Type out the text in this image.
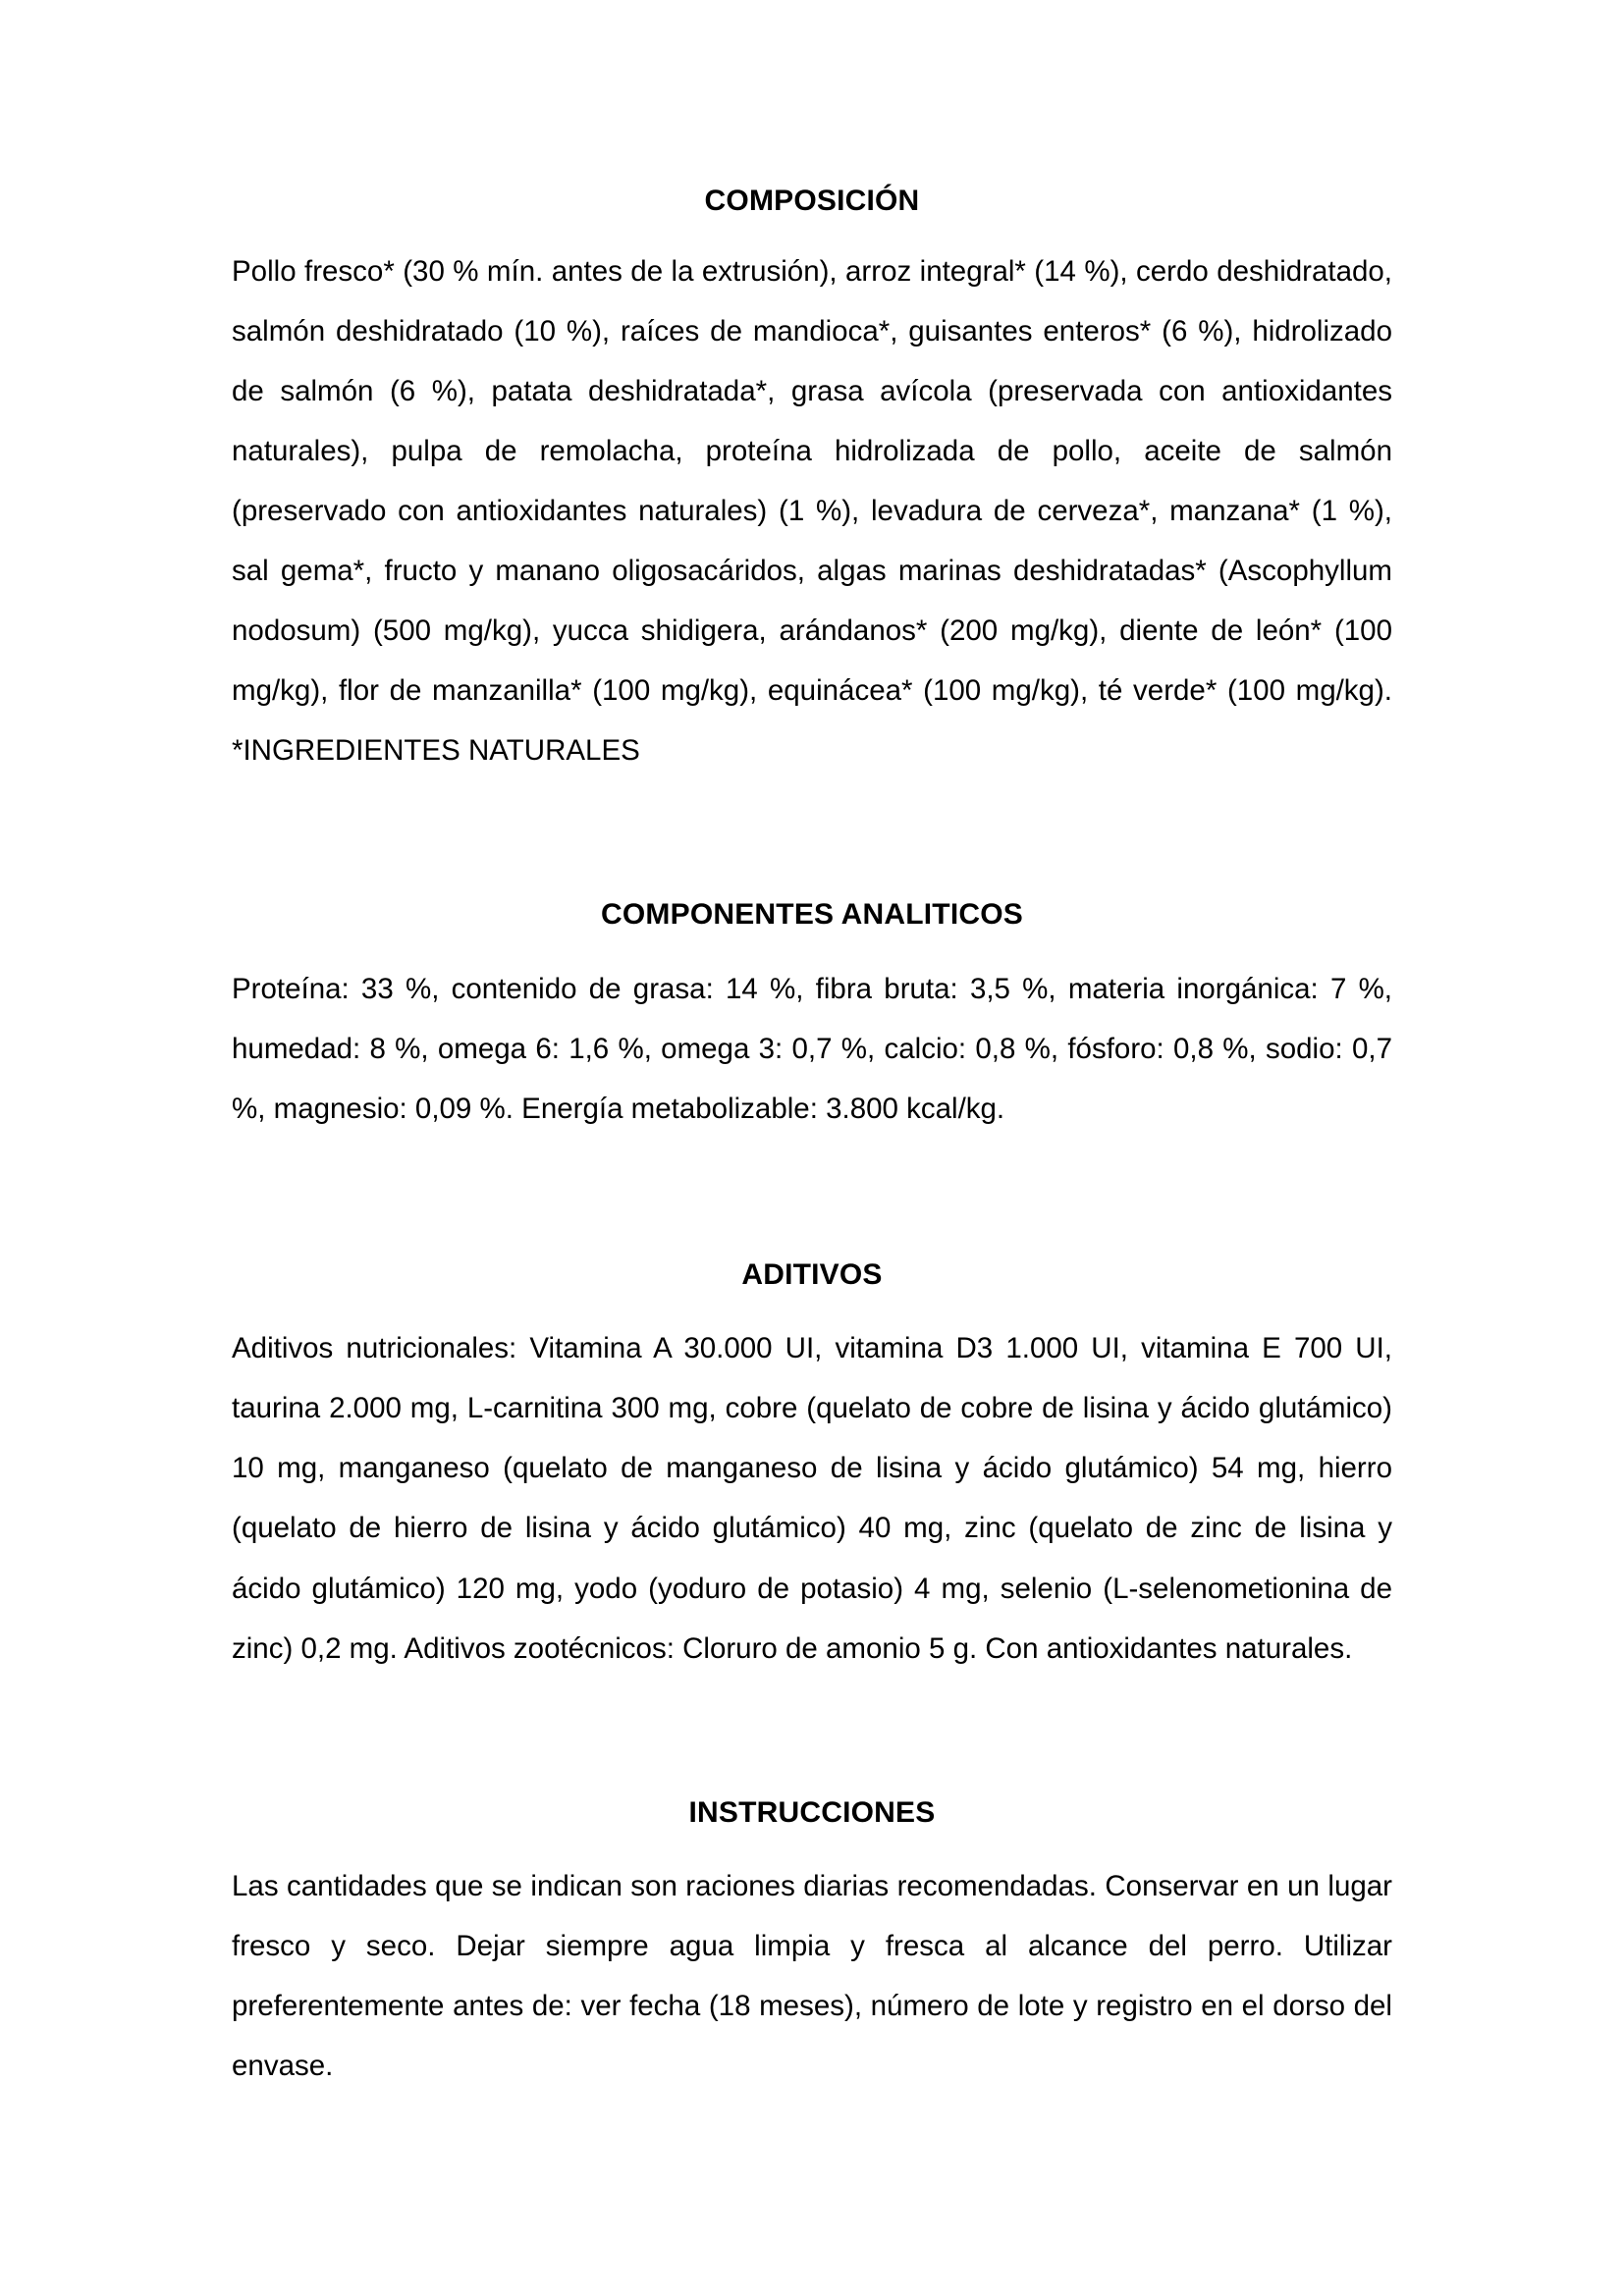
COMPOSICIÓN

Pollo fresco* (30 % mín. antes de la extrusión), arroz integral* (14 %), cerdo deshidratado, salmón deshidratado (10 %), raíces de mandioca*, guisantes enteros* (6 %), hidrolizado de salmón (6 %), patata deshidratada*, grasa avícola (preservada con antioxidantes naturales), pulpa de remolacha, proteína hidrolizada de pollo, aceite de salmón (preservado con antioxidantes naturales) (1 %), levadura de cerveza*, manzana* (1 %), sal gema*, fructo y manano oligosacáridos, algas marinas deshidratadas* (Ascophyllum nodosum) (500 mg/kg), yucca shidigera, arándanos* (200 mg/kg), diente de león* (100 mg/kg), flor de manzanilla* (100 mg/kg), equinácea* (100 mg/kg), té verde* (100 mg/kg). *INGREDIENTES NATURALES

COMPONENTES ANALITICOS

Proteína: 33 %, contenido de grasa: 14 %, fibra bruta: 3,5 %, materia inorgánica: 7 %, humedad: 8 %, omega 6: 1,6 %, omega 3: 0,7 %, calcio: 0,8 %, fósforo: 0,8 %, sodio: 0,7 %, magnesio: 0,09 %. Energía metabolizable: 3.800 kcal/kg.

ADITIVOS

Aditivos nutricionales: Vitamina A 30.000 UI, vitamina D3 1.000 UI, vitamina E 700 UI, taurina 2.000 mg, L-carnitina 300 mg, cobre (quelato de cobre de lisina y ácido glutámico) 10 mg, manganeso (quelato de manganeso de lisina y ácido glutámico) 54 mg, hierro (quelato de hierro de lisina y ácido glutámico) 40 mg, zinc (quelato de zinc de lisina y ácido glutámico) 120 mg, yodo (yoduro de potasio) 4 mg, selenio (L-selenometionina de zinc) 0,2 mg. Aditivos zootécnicos: Cloruro de amonio 5 g. Con antioxidantes naturales.

INSTRUCCIONES

Las cantidades que se indican son raciones diarias recomendadas. Conservar en un lugar fresco y seco. Dejar siempre agua limpia y fresca al alcance del perro. Utilizar preferentemente antes de: ver fecha (18 meses), número de lote y registro en el dorso del envase.
